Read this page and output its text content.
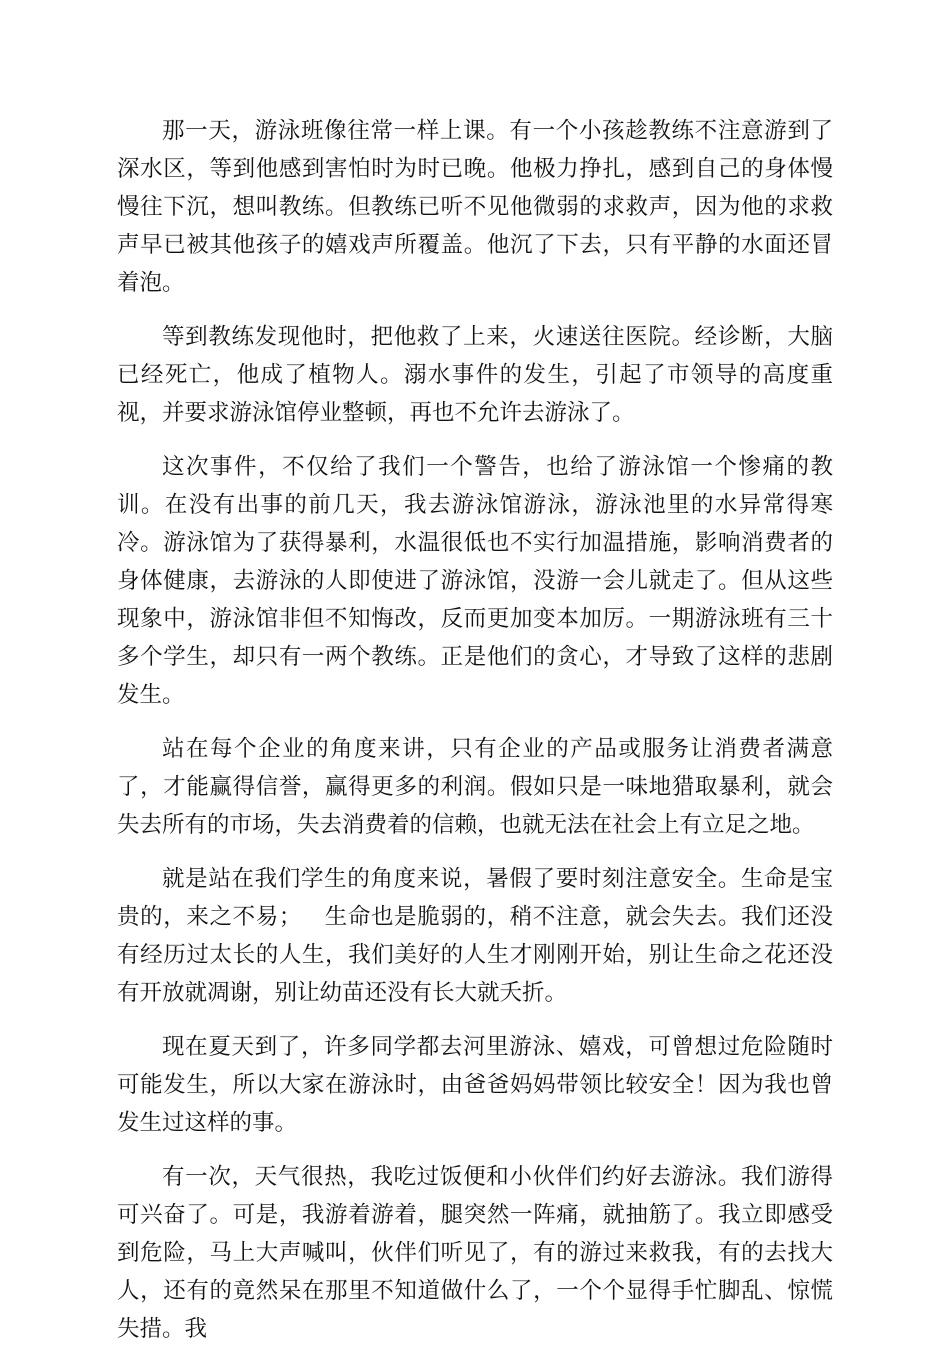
那一天，游泳班像往常一样上课。有一个小孩趁教练不注意游到了深水区，等到他感到害怕时为时已晚。他极力挣扎，感到自己的身体慢慢往下沉，想叫教练。但教练已听不见他微弱的求救声，因为他的求救声早已被其他孩子的嬉戏声所覆盖。他沉了下去，只有平静的水面还冒着泡。

等到教练发现他时，把他救了上来，火速送往医院。经诊断，大脑已经死亡，他成了植物人。溺水事件的发生，引起了市领导的高度重视，并要求游泳馆停业整顿，再也不允许去游泳了。

这次事件，不仅给了我们一个警告，也给了游泳馆一个惨痛的教训。在没有出事的前几天，我去游泳馆游泳，游泳池里的水异常得寒冷。游泳馆为了获得暴利，水温很低也不实行加温措施，影响消费者的身体健康，去游泳的人即使进了游泳馆，没游一会儿就走了。但从这些现象中，游泳馆非但不知悔改，反而更加变本加厉。一期游泳班有三十多个学生，却只有一两个教练。正是他们的贪心，才导致了这样的悲剧发生。

站在每个企业的角度来讲，只有企业的产品或服务让消费者满意了，才能赢得信誉，赢得更多的利润。假如只是一味地猎取暴利，就会失去所有的市场，失去消费着的信赖，也就无法在社会上有立足之地。

就是站在我们学生的角度来说，暑假了要时刻注意安全。生命是宝贵的，来之不易；   生命也是脆弱的，稍不注意，就会失去。我们还没有经历过太长的人生，我们美好的人生才刚刚开始，别让生命之花还没有开放就凋谢，别让幼苗还没有长大就夭折。

现在夏天到了，许多同学都去河里游泳、嬉戏，可曾想过危险随时可能发生，所以大家在游泳时，由爸爸妈妈带领比较安全！因为我也曾发生过这样的事。

有一次，天气很热，我吃过饭便和小伙伴们约好去游泳。我们游得可兴奋了。可是，我游着游着，腿突然一阵痛，就抽筋了。我立即感受到危险，马上大声喊叫，伙伴们听见了，有的游过来救我，有的去找大人，还有的竟然呆在那里不知道做什么了，一个个显得手忙脚乱、惊慌失措。我
